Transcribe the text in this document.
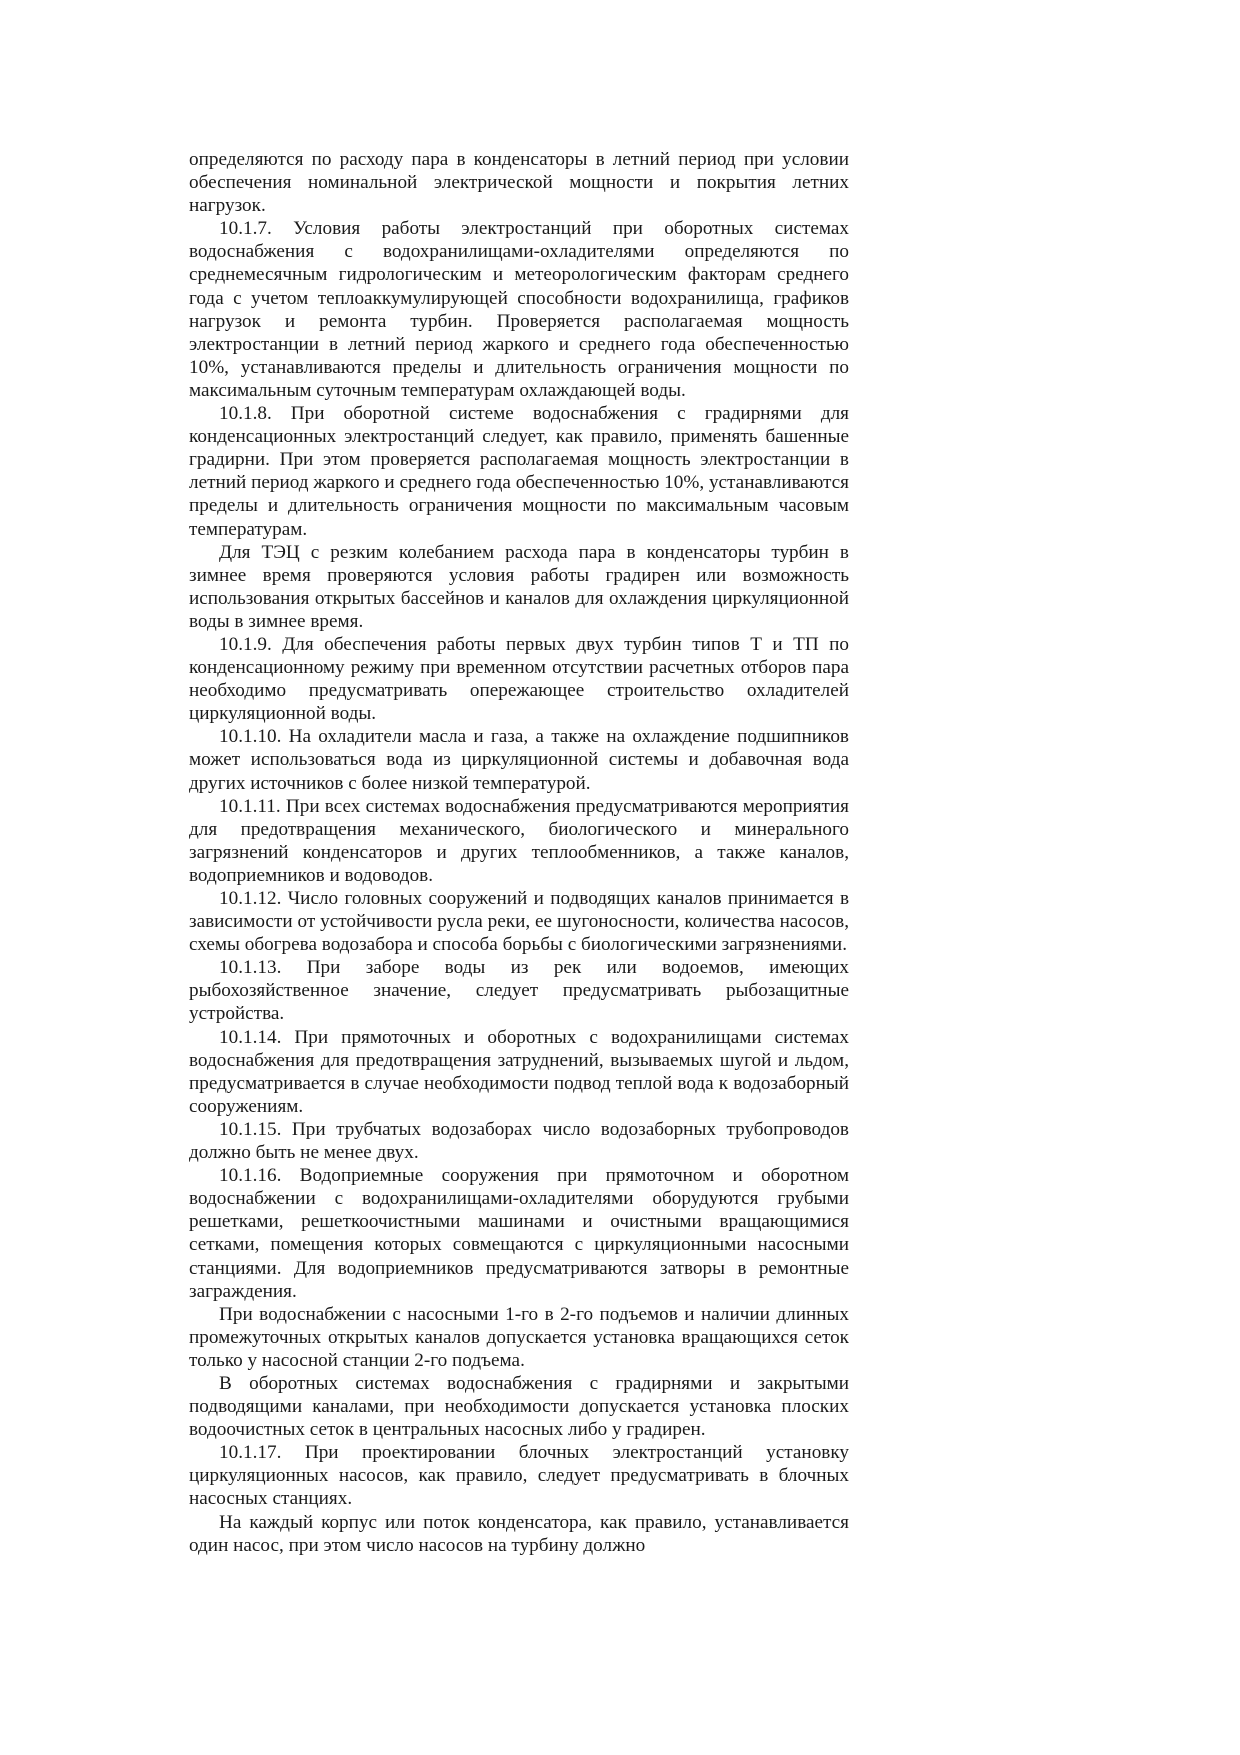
определяются по расходу пара в конденсаторы в летний период при условии обеспечения номинальной электрической мощности и покрытия летних нагрузок.

10.1.7. Условия работы электростанций при оборотных системах водоснабжения с водохранилищами-охладителями определяются по среднемесячным гидрологическим и метеорологическим факторам среднего года с учетом теплоаккумулирующей способности водохранилища, графиков нагрузок и ремонта турбин. Проверяется располагаемая мощность электростанции в летний период жаркого и среднего года обеспеченностью 10%, устанавливаются пределы и длительность ограничения мощности по максимальным суточным температурам охлаждающей воды.

10.1.8. При оборотной системе водоснабжения с градирнями для конденсационных электростанций следует, как правило, применять башенные градирни. При этом проверяется располагаемая мощность электростанции в летний период жаркого и среднего года обеспеченностью 10%, устанавливаются пределы и длительность ограничения мощности по максимальным часовым температурам.

Для ТЭЦ с резким колебанием расхода пара в конденсаторы турбин в зимнее время проверяются условия работы градирен или возможность использования открытых бассейнов и каналов для охлаждения циркуляционной воды в зимнее время.

10.1.9. Для обеспечения работы первых двух турбин типов Т и ТП по конденсационному режиму при временном отсутствии расчетных отборов пара необходимо предусматривать опережающее строительство охладителей циркуляционной воды.

10.1.10. На охладители масла и газа, а также на охлаждение подшипников может использоваться вода из циркуляционной системы и добавочная вода других источников с более низкой температурой.

10.1.11. При всех системах водоснабжения предусматриваются мероприятия для предотвращения механического, биологического и минерального загрязнений конденсаторов и других теплообменников, а также каналов, водоприемников и водоводов.

10.1.12. Число головных сооружений и подводящих каналов принимается в зависимости от устойчивости русла реки, ее шугоносности, количества насосов, схемы обогрева водозабора и способа борьбы с биологическими загрязнениями.

10.1.13. При заборе воды из рек или водоемов, имеющих рыбохозяйственное значение, следует предусматривать рыбозащитные устройства.

10.1.14. При прямоточных и оборотных с водохранилищами системах водоснабжения для предотвращения затруднений, вызываемых шугой и льдом, предусматривается в случае необходимости подвод теплой вода к водозаборный сооружениям.

10.1.15. При трубчатых водозаборах число водозаборных трубопроводов должно быть не менее двух.

10.1.16. Водоприемные сооружения при прямоточном и оборотном водоснабжении с водохранилищами-охладителями оборудуются грубыми решетками, решеткоочистными машинами и очистными вращающимися сетками, помещения которых совмещаются с циркуляционными насосными станциями. Для водоприемников предусматриваются затворы в ремонтные заграждения.

При водоснабжении с насосными 1-го в 2-го подъемов и наличии длинных промежуточных открытых каналов допускается установка вращающихся сеток только у насосной станции 2-го подъема.

В оборотных системах водоснабжения с градирнями и закрытыми подводящими каналами, при необходимости допускается установка плоских водоочистных сеток в центральных насосных либо у градирен.

10.1.17. При проектировании блочных электростанций установку циркуляционных насосов, как правило, следует предусматривать в блочных насосных станциях.

На каждый корпус или поток конденсатора, как правило, устанавливается один насос, при этом число насосов на турбину должно
